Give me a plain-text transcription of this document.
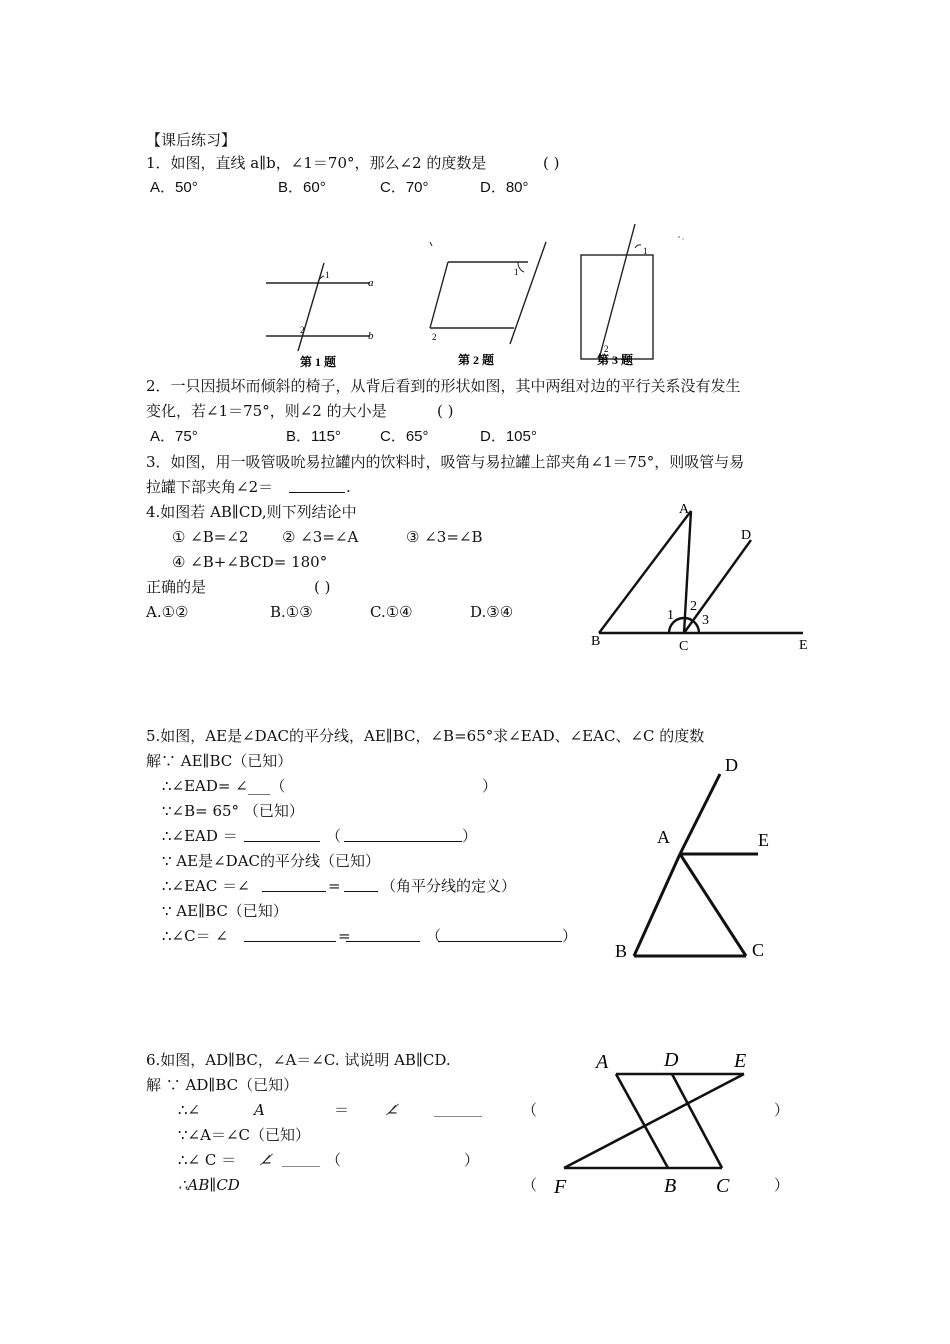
【课后练习】
1．如图，直线 a∥b，∠1＝70°，那么∠2 的度数是	( )
A．50°	B．60°	C．70°	D．80°
1
a
2	b
第 1 题
1
2
第 2 题
1
2
第 3 题
2．一只因损坏而倾斜的椅子，从背后看到的形状如图，其中两组对边的平行关系没有发生
变化，若∠1＝75°，则∠2 的大小是	( )
A．75°	B．115°	C．65°	D．105°
3．如图，用一吸管吸吮易拉罐内的饮料时，吸管与易拉罐上部夹角∠1＝75°，则吸管与易
拉罐下部夹角∠2＝	.
4.如图若 AB∥CD,则下列结论中
① ∠B=∠2 ② ∠3=∠A	③ ∠3=∠B
④ ∠B+∠BCD= 180°
正确的是	( )
A.①②	B.①③	C.①④	D.③④
A
D
B	C	E
1
2
3
5.如图，AE是∠DAC的平分线，AE∥BC，∠B=65°求∠EAD、∠EAC、∠C 的度数
解∵ AE∥BC（已知）
∴∠EAD= ∠___（	）
∵∠B= 65° （已知）
∴∠EAD ＝	（	）
∵ AE是∠DAC的平分线（已知）
∴∠EAC ＝∠	=	（角平分线的定义）
∵ AE∥BC（已知）
∴∠C＝ ∠	=	（	）
D
A	E
B	C
6.如图，AD∥BC，∠A＝∠C. 试说明 AB∥CD.
解 ∵ AD∥BC（已知）
∴∠	A	＝ ∠̸	（	）
∵∠A＝∠C（已知）
∴∠ C ＝ ∠̸	（	）
∴AB∥CD	（	）
A	D	E
F	B C
